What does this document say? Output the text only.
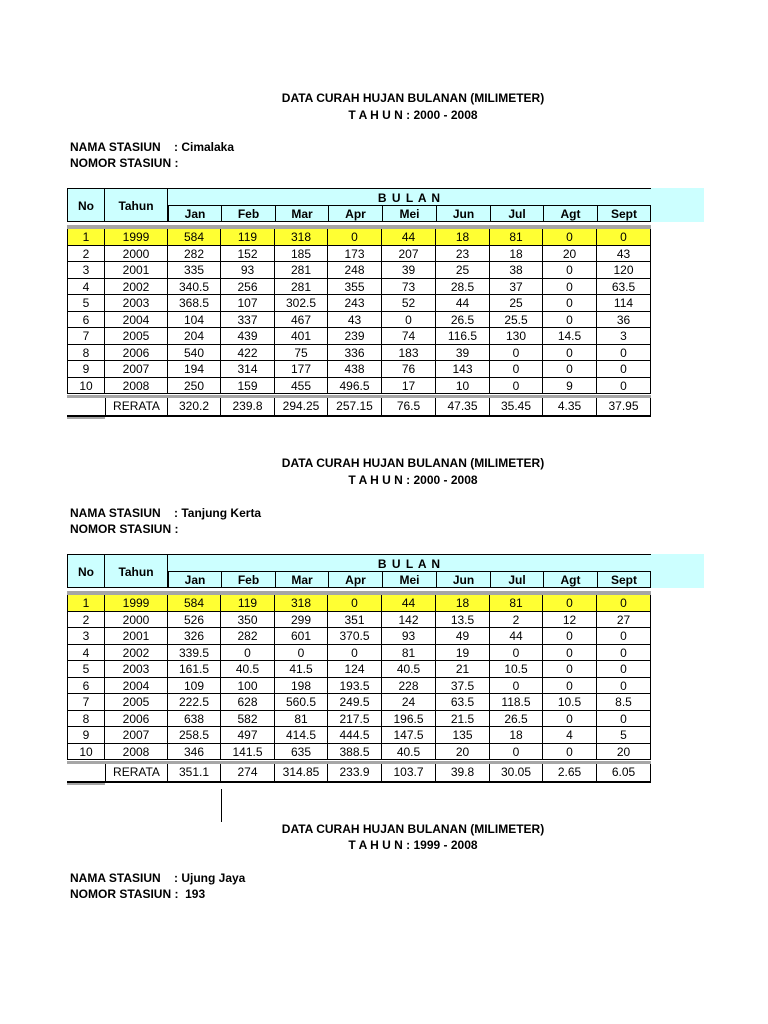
DATA CURAH HUJAN BULANAN (MILIMETER)
T A H U N : 2000 - 2008
NAMA STASIUN    : Cimalaka
NOMOR STASIUN :
No	Tahun
B U L A N
Jan	Feb	Mar	Apr	Mei	Jun	Jul	Agt	Sept
1	1999	584	119	318	0	44	18	81	0	0
2	2000	282	152	185	173	207	23	18	20	43
3	2001	335	93	281	248	39	25	38	0	120
4	2002	340.5	256	281	355	73	28.5	37	0	63.5
5	2003	368.5	107	302.5	243	52	44	25	0	114
6	2004	104	337	467	43	0	26.5	25.5	0	36
7	2005	204	439	401	239	74	116.5	130	14.5	3
8	2006	540	422	75	336	183	39	0	0	0
9	2007	194	314	177	438	76	143	0	0	0
10	2008	250	159	455	496.5	17	10	0	9	0
RERATA	320.2	239.8	294.25	257.15	76.5	47.35	35.45	4.35	37.95
DATA CURAH HUJAN BULANAN (MILIMETER)
T A H U N : 2000 - 2008
NAMA STASIUN    : Tanjung Kerta
NOMOR STASIUN :
No	Tahun
B U L A N
Jan	Feb	Mar	Apr	Mei	Jun	Jul	Agt	Sept
1	1999	584	119	318	0	44	18	81	0	0
2	2000	526	350	299	351	142	13.5	2	12	27
3	2001	326	282	601	370.5	93	49	44	0	0
4	2002	339.5	0	0	0	81	19	0	0	0
5	2003	161.5	40.5	41.5	124	40.5	21	10.5	0	0
6	2004	109	100	198	193.5	228	37.5	0	0	0
7	2005	222.5	628	560.5	249.5	24	63.5	118.5	10.5	8.5
8	2006	638	582	81	217.5	196.5	21.5	26.5	0	0
9	2007	258.5	497	414.5	444.5	147.5	135	18	4	5
10	2008	346	141.5	635	388.5	40.5	20	0	0	20
RERATA	351.1	274	314.85	233.9	103.7	39.8	30.05	2.65	6.05
DATA CURAH HUJAN BULANAN (MILIMETER)
T A H U N : 1999 - 2008
NAMA STASIUN    : Ujung Jaya
NOMOR STASIUN :  193
